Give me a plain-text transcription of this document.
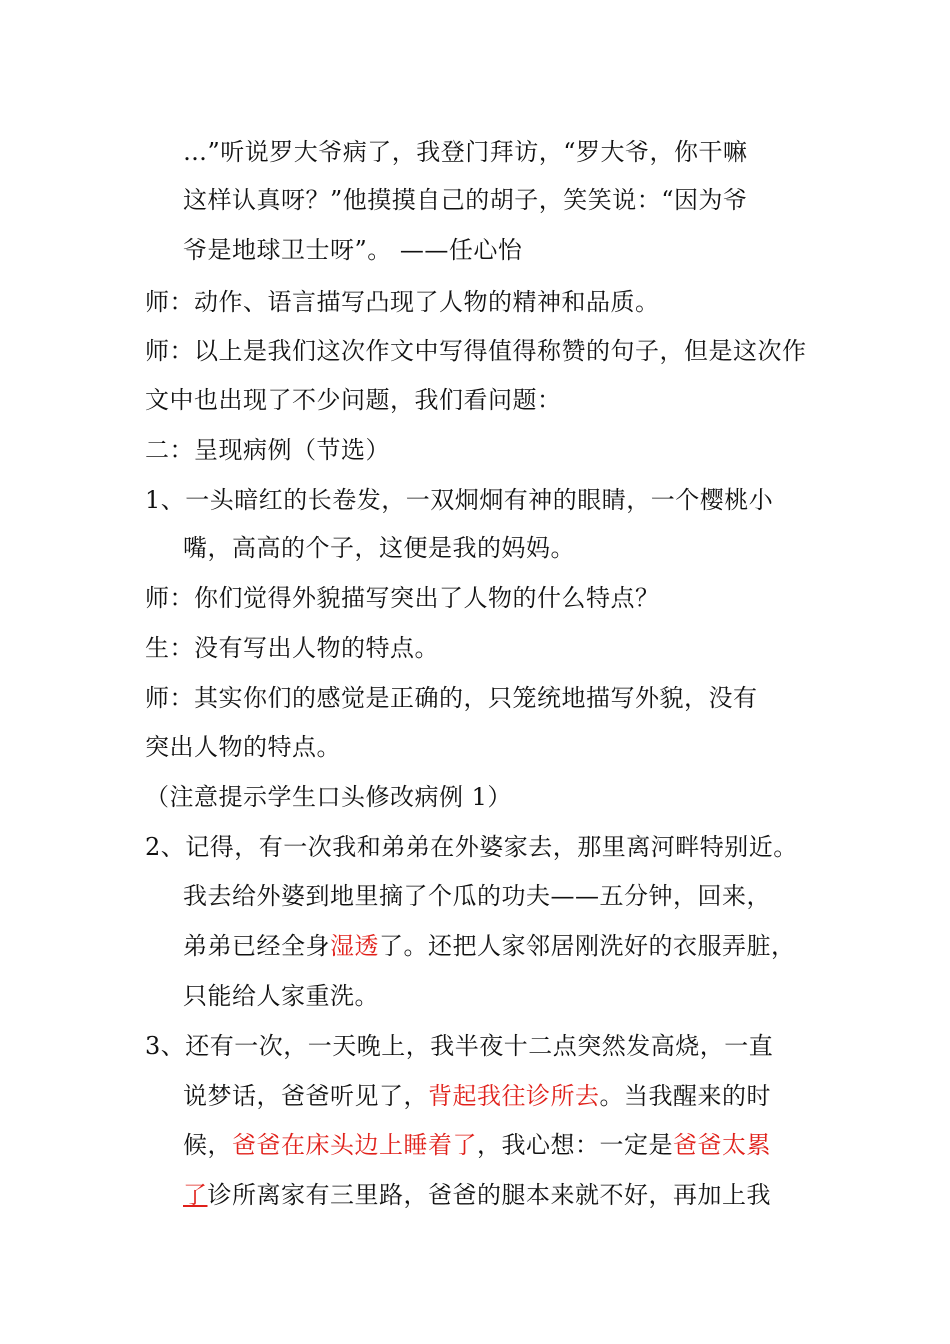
…”听说罗大爷病了，我登门拜访，“罗大爷，你干嘛
这样认真呀？”他摸摸自己的胡子，笑笑说：“因为爷
爷是地球卫士呀”。 ——任心怡
师：动作、语言描写凸现了人物的精神和品质。
师：以上是我们这次作文中写得值得称赞的句子，但是这次作
文中也出现了不少问题，我们看问题：
二：呈现病例（节选）
1、一头暗红的长卷发，一双炯炯有神的眼睛，一个樱桃小
嘴，高高的个子，这便是我的妈妈。
师：你们觉得外貌描写突出了人物的什么特点？
生：没有写出人物的特点。
师：其实你们的感觉是正确的，只笼统地描写外貌，没有
突出人物的特点。
（注意提示学生口头修改病例 1）
2、记得，有一次我和弟弟在外婆家去，那里离河畔特别近。
我去给外婆到地里摘了个瓜的功夫——五分钟，回来，
弟弟已经全身湿透了。还把人家邻居刚洗好的衣服弄脏，
只能给人家重洗。
3、还有一次，一天晚上，我半夜十二点突然发高烧，一直
说梦话，爸爸听见了，背起我往诊所去。当我醒来的时
候，爸爸在床头边上睡着了，我心想：一定是爸爸太累
了诊所离家有三里路，爸爸的腿本来就不好，再加上我
